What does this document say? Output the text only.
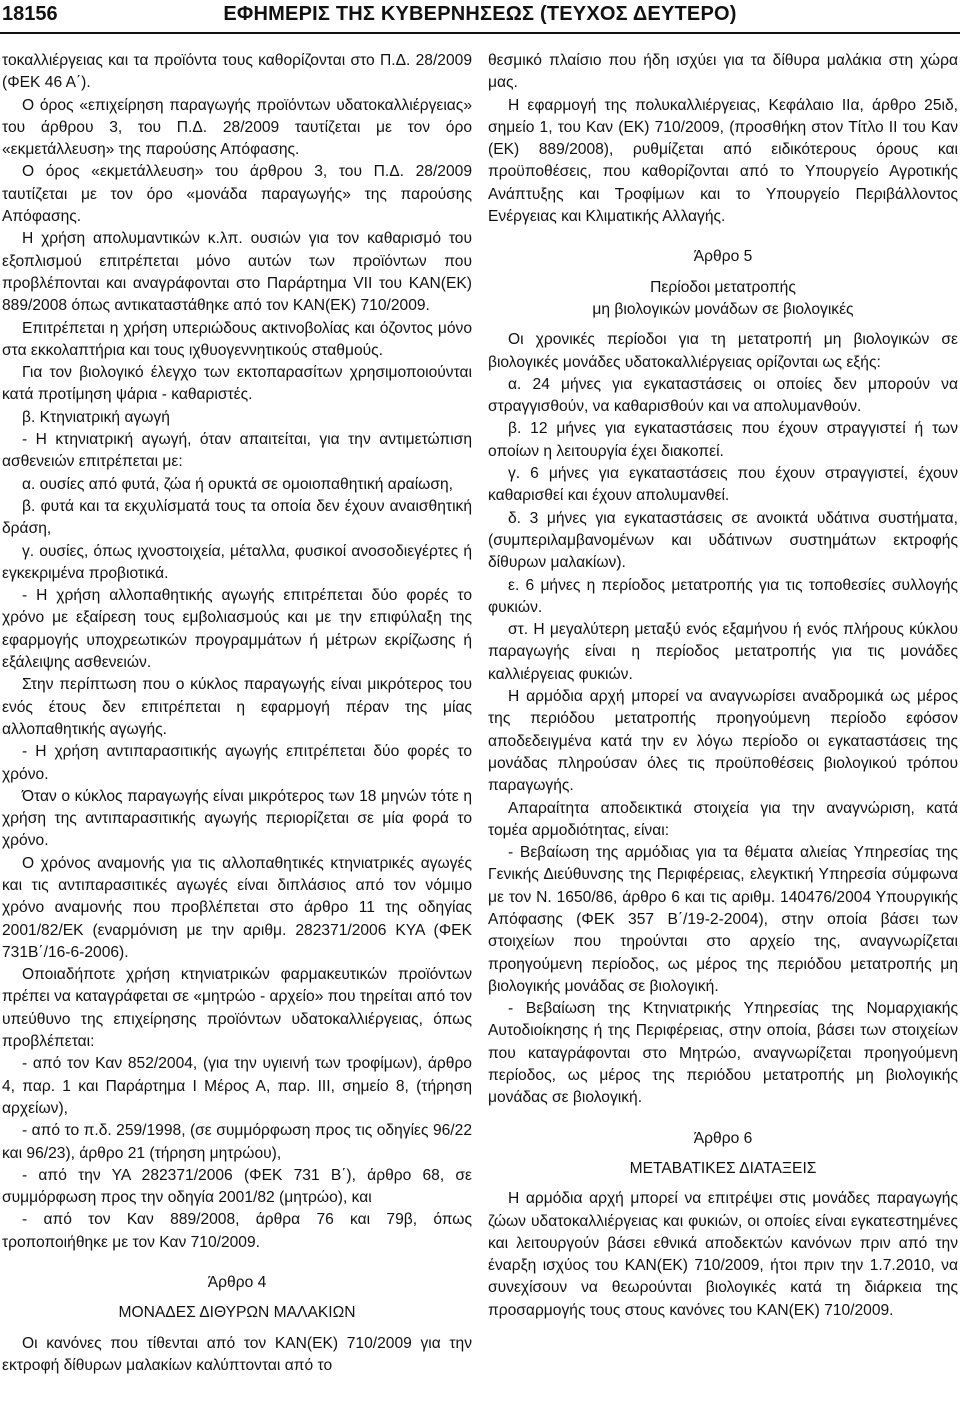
18156	ΕΦΗΜΕΡΙΣ ΤΗΣ ΚΥΒΕΡΝΗΣΕΩΣ (ΤΕΥΧΟΣ ΔΕΥΤΕΡΟ)

τοκαλλιέργειας και τα προϊόντα τους καθορίζονται στο Π.Δ. 28/2009 (ΦΕΚ 46 Α΄).

Ο όρος «επιχείρηση παραγωγής προϊόντων υδατοκαλλιέργειας» του άρθρου 3, του Π.Δ. 28/2009 ταυτίζεται με τον όρο «εκμετάλλευση» της παρούσης Απόφασης.

Ο όρος «εκμετάλλευση» του άρθρου 3, του Π.Δ. 28/2009 ταυτίζεται με τον όρο «μονάδα παραγωγής» της παρούσης Απόφασης.

Η χρήση απολυμαντικών κ.λπ. ουσιών για τον καθαρισμό του εξοπλισμού επιτρέπεται μόνο αυτών των προϊόντων που προβλέπονται και αναγράφονται στο Παράρτημα VII του ΚΑΝ(ΕΚ) 889/2008 όπως αντικαταστάθηκε από τον ΚΑΝ(ΕΚ) 710/2009.

Επιτρέπεται η χρήση υπεριώδους ακτινοβολίας και όζοντος μόνο στα εκκολαπτήρια και τους ιχθυογεννητικούς σταθμούς.

Για τον βιολογικό έλεγχο των εκτοπαρασίτων χρησιμοποιούνται κατά προτίμηση ψάρια - καθαριστές.

β. Κτηνιατρική αγωγή

- Η κτηνιατρική αγωγή, όταν απαιτείται, για την αντιμετώπιση ασθενειών επιτρέπεται με:

α. ουσίες από φυτά, ζώα ή ορυκτά σε ομοιοπαθητική αραίωση,

β. φυτά και τα εκχυλίσματά τους τα οποία δεν έχουν αναισθητική δράση,

γ. ουσίες, όπως ιχνοστοιχεία, μέταλλα, φυσικοί ανοσοδιεγέρτες ή εγκεκριμένα προβιοτικά.

- Η χρήση αλλοπαθητικής αγωγής επιτρέπεται δύο φορές το χρόνο με εξαίρεση τους εμβολιασμούς και με την επιφύλαξη της εφαρμογής υποχρεωτικών προγραμμάτων ή μέτρων εκρίζωσης ή εξάλειψης ασθενειών.

Στην περίπτωση που ο κύκλος παραγωγής είναι μικρότερος του ενός έτους δεν επιτρέπεται η εφαρμογή πέραν της μίας αλλοπαθητικής αγωγής.

- Η χρήση αντιπαρασιτικής αγωγής επιτρέπεται δύο φορές το χρόνο.

Όταν ο κύκλος παραγωγής είναι μικρότερος των 18 μηνών τότε η χρήση της αντιπαρασιτικής αγωγής περιορίζεται σε μία φορά το χρόνο.

Ο χρόνος αναμονής για τις αλλοπαθητικές κτηνιατρικές αγωγές και τις αντιπαρασιτικές αγωγές είναι διπλάσιος από τον νόμιμο χρόνο αναμονής που προβλέπεται στο άρθρο 11 της οδηγίας 2001/82/ΕΚ (εναρμόνιση με την αριθμ. 282371/2006 ΚΥΑ (ΦΕΚ 731Β΄/16-6-2006).

Οποιαδήποτε χρήση κτηνιατρικών φαρμακευτικών προϊόντων πρέπει να καταγράφεται σε «μητρώο - αρχείο» που τηρείται από τον υπεύθυνο της επιχείρησης προϊόντων υδατοκαλλιέργειας, όπως προβλέπεται:

- από τον Καν 852/2004, (για την υγιεινή των τροφίμων), άρθρο 4, παρ. 1 και Παράρτημα Ι Μέρος Α, παρ. ΙΙΙ, σημείο 8, (τήρηση αρχείων),

- από το π.δ. 259/1998, (σε συμμόρφωση προς τις οδηγίες 96/22 και 96/23), άρθρο 21 (τήρηση μητρώου),

- από την ΥΑ 282371/2006 (ΦΕΚ 731 Β΄), άρθρο 68, σε συμμόρφωση προς την οδηγία 2001/82 (μητρώο), και

- από τον Καν 889/2008, άρθρα 76 και 79β, όπως τροποποιήθηκε με τον Καν 710/2009.

Άρθρο 4

ΜΟΝΑΔΕΣ ΔΙΘΥΡΩΝ ΜΑΛΑΚΙΩΝ

Οι κανόνες που τίθενται από τον ΚΑΝ(ΕΚ) 710/2009 για την εκτροφή δίθυρων μαλακίων καλύπτονται από το

θεσμικό πλαίσιο που ήδη ισχύει για τα δίθυρα μαλάκια στη χώρα μας.

Η εφαρμογή της πολυκαλλιέργειας, Κεφάλαιο ΙΙα, άρθρο 25ιδ, σημείο 1, του Καν (ΕΚ) 710/2009, (προσθήκη στον Τίτλο ΙΙ του Καν (ΕΚ) 889/2008), ρυθμίζεται από ειδικότερους όρους και προϋποθέσεις, που καθορίζονται από το Υπουργείο Αγροτικής Ανάπτυξης και Τροφίμων και το Υπουργείο Περιβάλλοντος Ενέργειας και Κλιματικής Αλλαγής.

Άρθρο 5

Περίοδοι μετατροπής

μη βιολογικών μονάδων σε βιολογικές

Οι χρονικές περίοδοι για τη μετατροπή μη βιολογικών σε βιολογικές μονάδες υδατοκαλλιέργειας ορίζονται ως εξής:

α. 24 μήνες για εγκαταστάσεις οι οποίες δεν μπορούν να στραγγισθούν, να καθαρισθούν και να απολυμανθούν.

β. 12 μήνες για εγκαταστάσεις που έχουν στραγγιστεί ή των οποίων η λειτουργία έχει διακοπεί.

γ. 6 μήνες για εγκαταστάσεις που έχουν στραγγιστεί, έχουν καθαρισθεί και έχουν απολυμανθεί.

δ. 3 μήνες για εγκαταστάσεις σε ανοικτά υδάτινα συστήματα, (συμπεριλαμβανομένων και υδάτινων συστημάτων εκτροφής δίθυρων μαλακίων).

ε. 6 μήνες η περίοδος μετατροπής για τις τοποθεσίες συλλογής φυκιών.

στ. Η μεγαλύτερη μεταξύ ενός εξαμήνου ή ενός πλήρους κύκλου παραγωγής είναι η περίοδος μετατροπής για τις μονάδες καλλιέργειας φυκιών.

Η αρμόδια αρχή μπορεί να αναγνωρίσει αναδρομικά ως μέρος της περιόδου μετατροπής προηγούμενη περίοδο εφόσον αποδεδειγμένα κατά την εν λόγω περίοδο οι εγκαταστάσεις της μονάδας πληρούσαν όλες τις προϋποθέσεις βιολογικού τρόπου παραγωγής.

Απαραίτητα αποδεικτικά στοιχεία για την αναγνώριση, κατά τομέα αρμοδιότητας, είναι:

- Βεβαίωση της αρμόδιας για τα θέματα αλιείας Υπηρεσίας της Γενικής Διεύθυνσης της Περιφέρειας, ελεγκτική Υπηρεσία σύμφωνα με τον Ν. 1650/86, άρθρο 6 και τις αριθμ. 140476/2004 Υπουργικής Απόφασης (ΦΕΚ 357 Β΄/19-2-2004), στην οποία βάσει των στοιχείων που τηρούνται στο αρχείο της, αναγνωρίζεται προηγούμενη περίοδος, ως μέρος της περιόδου μετατροπής μη βιολογικής μονάδας σε βιολογική.

- Βεβαίωση της Κτηνιατρικής Υπηρεσίας της Νομαρχιακής Αυτοδιοίκησης ή της Περιφέρειας, στην οποία, βάσει των στοιχείων που καταγράφονται στο Μητρώο, αναγνωρίζεται προηγούμενη περίοδος, ως μέρος της περιόδου μετατροπής μη βιολογικής μονάδας σε βιολογική.

Άρθρο 6

ΜΕΤΑΒΑΤΙΚΕΣ ΔΙΑΤΑΞΕΙΣ

Η αρμόδια αρχή μπορεί να επιτρέψει στις μονάδες παραγωγής ζώων υδατοκαλλιέργειας και φυκιών, οι οποίες είναι εγκατεστημένες και λειτουργούν βάσει εθνικά αποδεκτών κανόνων πριν από την έναρξη ισχύος του ΚΑΝ(ΕΚ) 710/2009, ήτοι πριν την 1.7.2010, να συνεχίσουν να θεωρούνται βιολογικές κατά τη διάρκεια της προσαρμογής τους στους κανόνες του ΚΑΝ(ΕΚ) 710/2009.
